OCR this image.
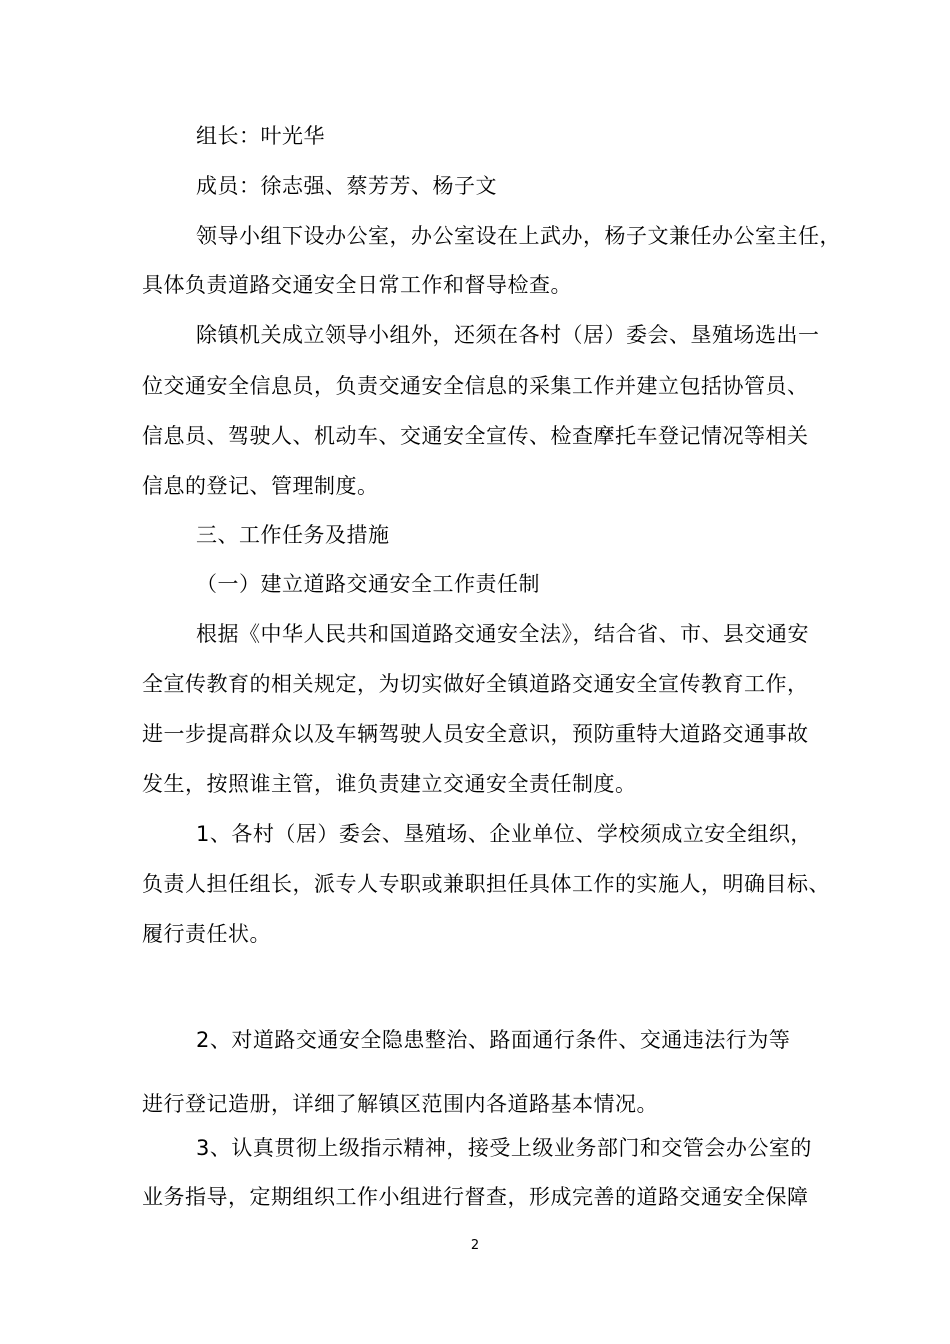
组长：叶光华
成员：徐志强、蔡芳芳、杨子文
领导小组下设办公室，办公室设在上武办，杨子文兼任办公室主任，
具体负责道路交通安全日常工作和督导检查。
除镇机关成立领导小组外，还须在各村（居）委会、垦殖场选出一
位交通安全信息员，负责交通安全信息的采集工作并建立包括协管员、
信息员、驾驶人、机动车、交通安全宣传、检查摩托车登记情况等相关
信息的登记、管理制度。
三、工作任务及措施
（一）建立道路交通安全工作责任制
根据《中华人民共和国道路交通安全法》，结合省、市、县交通安
全宣传教育的相关规定，为切实做好全镇道路交通安全宣传教育工作，
进一步提高群众以及车辆驾驶人员安全意识，预防重特大道路交通事故
发生，按照谁主管，谁负责建立交通安全责任制度。
1、各村（居）委会、垦殖场、企业单位、学校须成立安全组织，
负责人担任组长，派专人专职或兼职担任具体工作的实施人，明确目标、
履行责任状。
2、对道路交通安全隐患整治、路面通行条件、交通违法行为等
进行登记造册，详细了解镇区范围内各道路基本情况。
3、认真贯彻上级指示精神，接受上级业务部门和交管会办公室的
业务指导，定期组织工作小组进行督查，形成完善的道路交通安全保障
2
